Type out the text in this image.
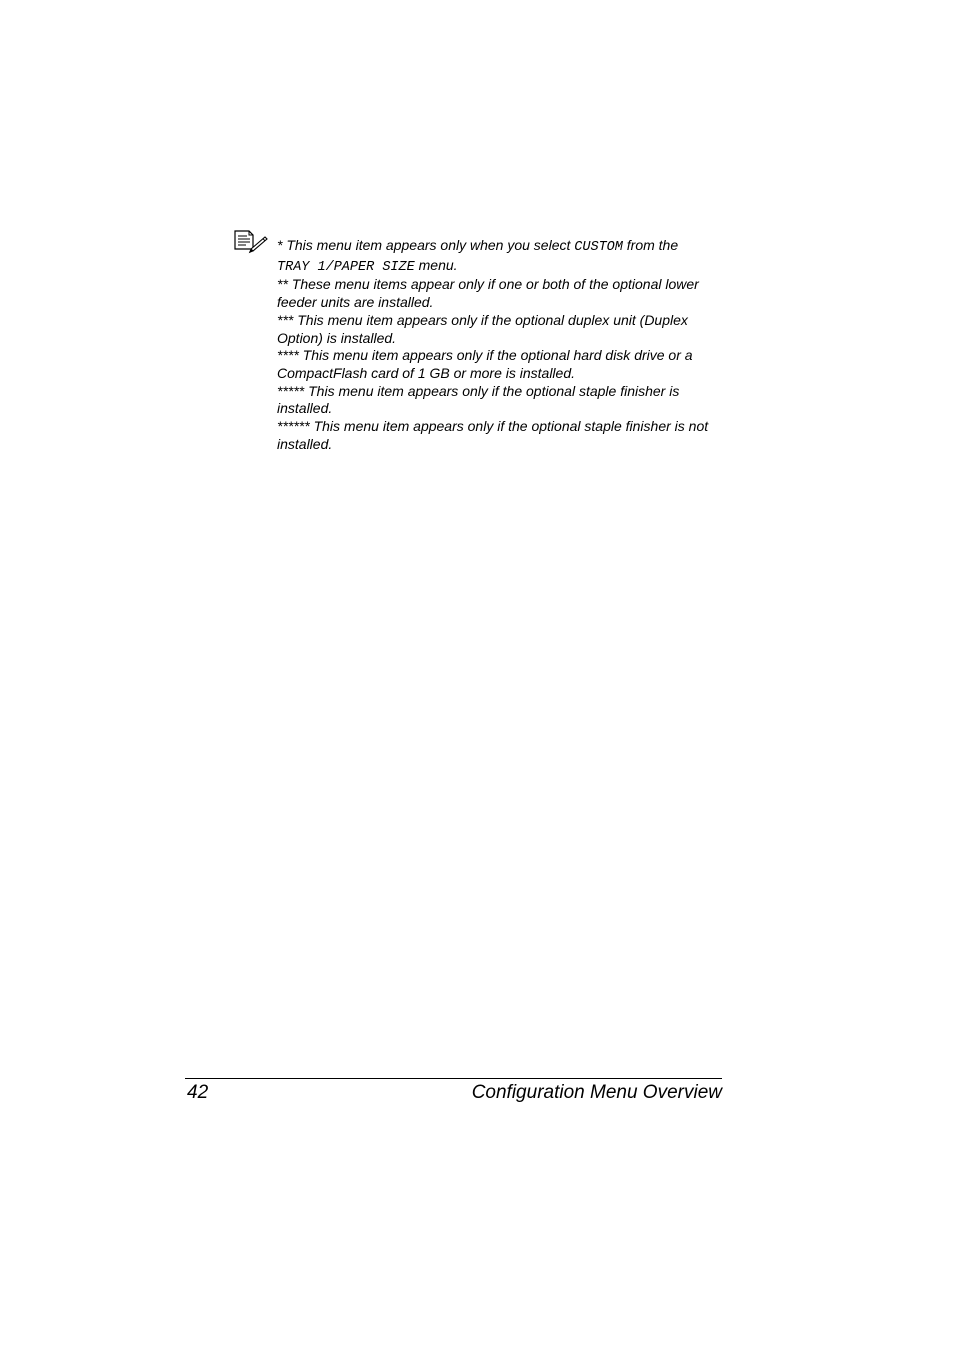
* This menu item appears only when you select CUSTOM from the
TRAY 1/PAPER SIZE menu.
** These menu items appear only if one or both of the optional lower
feeder units are installed.
*** This menu item appears only if the optional duplex unit (Duplex
Option) is installed.
**** This menu item appears only if the optional hard disk drive or a
CompactFlash card of 1 GB or more is installed.
***** This menu item appears only if the optional staple finisher is
installed.
****** This menu item appears only if the optional staple finisher is not
installed.
42	Configuration Menu Overview
